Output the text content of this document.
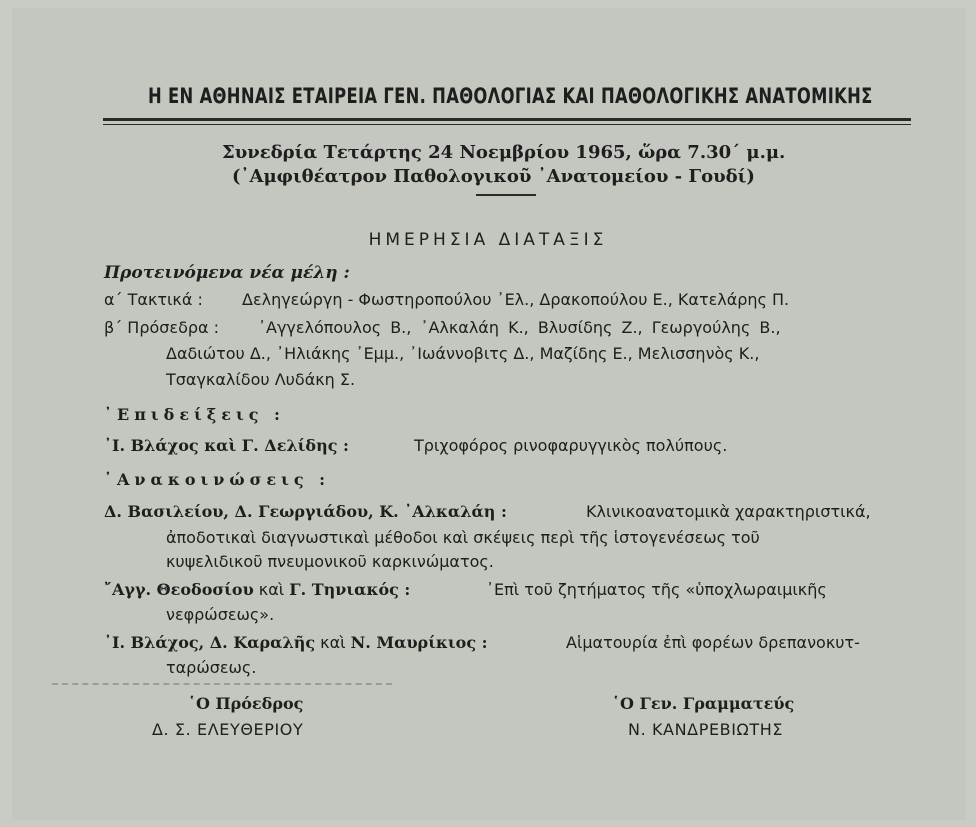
Η ΕΝ ΑΘΗΝΑΙΣ ΕΤΑΙΡΕΙΑ ΓΕΝ. ΠΑΘΟΛΟΓΙΑΣ ΚΑΙ ΠΑΘΟΛΟΓΙΚΗΣ ΑΝΑΤΟΜΙΚΗΣ
Συνεδρία Τετάρτης 24 Νοεμβρίου 1965, ὥρα 7.30΄ μ.μ.
(᾿Αμφιθέατρον Παθολογικοῦ ᾿Ανατομείου - Γουδί)
ΗΜΕΡΗΣΙΑ ΔΙΑΤΑΞΙΣ
Προτεινόμενα νέα μέλη :
α΄ Τακτικά : Δεληγεώργη - Φωστηροπούλου ᾿Ελ., Δρακοπούλου Ε., Κατελάρης Π.
β΄ Πρόσεδρα : ᾿Αγγελόπουλος Β., ᾿Αλκαλάη Κ., Βλυσίδης Ζ., Γεωργούλης Β.,
Δαδιώτου Δ., ᾿Ηλιάκης ᾿Εμμ., ᾿Ιωάννοβιτς Δ., Μαζίδης Ε., Μελισσηνὸς Κ.,
Τσαγκαλίδου Λυδάκη Σ.
᾿Επιδείξεις :
᾿Ι. Βλάχος καὶ Γ. Δελίδης :	Τριχοφόρος ρινοφαρυγγικὸς πολύπους.
᾿Ανακοινώσεις :
Δ. Βασιλείου, Δ. Γεωργιάδου, Κ. ᾿Αλκαλάη :	Κλινικοανατομικὰ χαρακτηριστικά,
ἀποδοτικαὶ διαγνωστικαὶ μέθοδοι καὶ σκέψεις περὶ τῆς ἱστογενέσεως τοῦ
κυψελιδικοῦ πνευμονικοῦ καρκινώματος.
῎Αγγ. Θεοδοσίου καὶ Γ. Τηνιακός :	᾿Επὶ τοῦ ζητήματος τῆς «ὑποχλωραιμικῆς
νεφρώσεως».
᾿Ι. Βλάχος, Δ. Καραλῆς καὶ Ν. Μαυρίκιος :	Αἱματουρία ἐπὶ φορέων δρεπανοκυτ-
ταρώσεως.
῾Ο Πρόεδρος
Δ. Σ. ΕΛΕΥΘΕΡΙΟΥ
῾Ο Γεν. Γραμματεύς
Ν. ΚΑΝΔΡΕΒΙΩΤΗΣ
